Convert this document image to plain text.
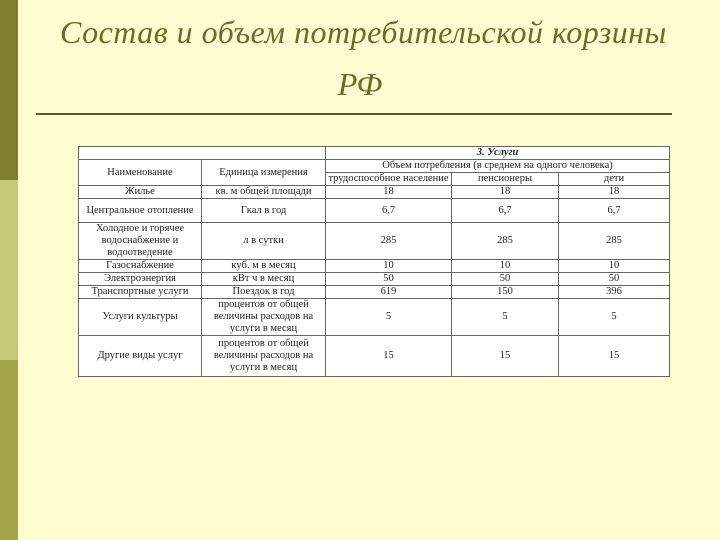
Состав и объем потребительской корзины
РФ
		3. Услуги		
Наименование	Единица измерения	Объем потребления (в среднем на одного человека)		
		трудоспособное население	пенсионеры	дети
Жилье	кв. м общей площади	18	18	18
Центральное отопление	Гкал в год	6,7	6,7	6,7
Холодное и горячее водоснабжение и водоотведение	л в сутки	285	285	285
Газоснабжение	куб. м в месяц	10	10	10
Электроэнергия	кВт ч в месяц	50	50	50
Транспортные услуги	Поездок в год	619	150	396
Услуги культуры	процентов от общей величины расходов на услуги в месяц	5	5	5
Другие виды услуг	процентов от общей величины расходов на услуги в месяц	15	15	15
